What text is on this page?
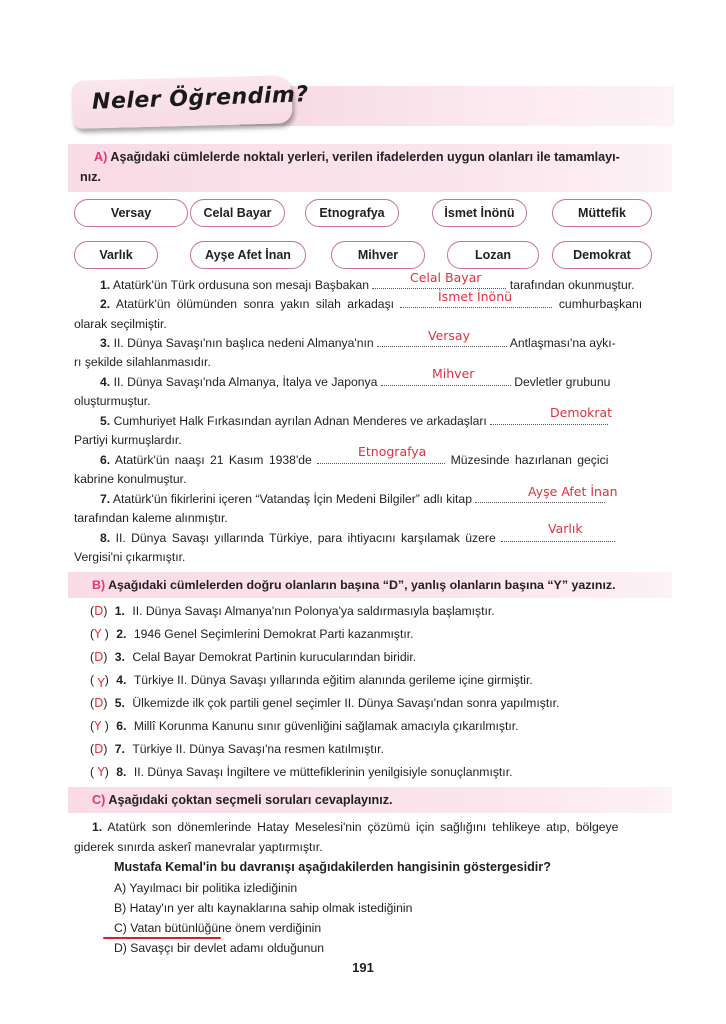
Neler Öğrendim?
A) Aşağıdaki cümlelerde noktalı yerleri, verilen ifadelerden uygun olanları ile tamamlayı-
nız.
Versay	Celal Bayar	Etnografya	İsmet İnönü	Müttefik
Varlık	Ayşe Afet İnan	Mihver	Lozan	Demokrat
1. Atatürk'ün Türk ordusuna son mesajı Başbakan	tarafından okunmuştur.
Celal Bayar
2. Atatürk'ün ölümünden sonra yakın silah arkadaşı	cumhurbaşkanı
İsmet İnönü
olarak seçilmiştir.
3. II. Dünya Savaşı'nın başlıca nedeni Almanya'nın	Antlaşması'na aykı-
Versay
rı şekilde silahlanmasıdır.
4. II. Dünya Savaşı'nda Almanya, İtalya ve Japonya	Devletler grubunu
Mihver
oluşturmuştur.
5. Cumhuriyet Halk Fırkasından ayrılan Adnan Menderes ve arkadaşları
Demokrat
Partiyi kurmuşlardır.
6. Atatürk'ün naaşı 21 Kasım 1938'de	Müzesinde hazırlanan geçici
Etnografya
kabrine konulmuştur.
7. Atatürk'ün fikirlerini içeren “Vatandaş İçin Medeni Bilgiler” adlı kitap	Ayşe Afet İnan
tarafından kaleme alınmıştır.
8. II. Dünya Savaşı yıllarında Türkiye, para ihtiyacını karşılamak üzere
Varlık
Vergisi'ni çıkarmıştır.
B) Aşağıdaki cümlelerden doğru olanların başına “D”, yanlış olanların başına “Y” yazınız.
(D) 1. II. Dünya Savaşı Almanya'nın Polonya'ya saldırmasıyla başlamıştır.
(Y ) 2. 1946 Genel Seçimlerini Demokrat Parti kazanmıştır.
(D) 3. Celal Bayar Demokrat Partinin kurucularından biridir.
( Y) 4. Türkiye II. Dünya Savaşı yıllarında eğitim alanında gerileme içine girmiştir.
(D) 5. Ülkemizde ilk çok partili genel seçimler II. Dünya Savaşı'ndan sonra yapılmıştır.
(Y ) 6. Millî Korunma Kanunu sınır güvenliğini sağlamak amacıyla çıkarılmıştır.
(D) 7. Türkiye II. Dünya Savaşı'na resmen katılmıştır.
( Y) 8. II. Dünya Savaşı İngiltere ve müttefiklerinin yenilgisiyle sonuçlanmıştır.
C) Aşağıdaki çoktan seçmeli soruları cevaplayınız.
1. Atatürk son dönemlerinde Hatay Meselesi'nin çözümü için sağlığını tehlikeye atıp, bölgeye
giderek sınırda askerî manevralar yaptırmıştır.
Mustafa Kemal'in bu davranışı aşağıdakilerden hangisinin göstergesidir?
A) Yayılmacı bir politika izlediğinin
B) Hatay'ın yer altı kaynaklarına sahip olmak istediğinin
C) Vatan bütünlüğüne önem verdiğinin
D) Savaşçı bir devlet adamı olduğunun
191
